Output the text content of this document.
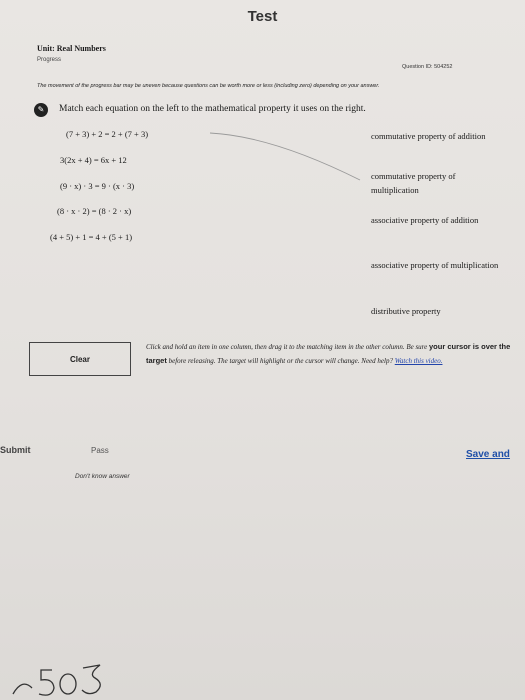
Test
Unit: Real Numbers
Progress
Question ID: 504252
The movement of the progress bar may be uneven because questions can be worth more or less (including zero) depending on your answer.
✎	Match each equation on the left to the mathematical property it uses on the right.
(7 + 3) + 2 = 2 + (7 + 3)
3(2x + 4) = 6x + 12
(9 · x) · 3 = 9 · (x · 3)
(8 · x · 2) = (8 · 2 · x)
(4 + 5) + 1 = 4 + (5 + 1)
commutative property of addition
commutative property of multiplication
associative property of addition
associative property of multiplication
distributive property
Clear
Click and hold an item in one column, then drag it to the matching item in the other column. Be sure your cursor is over the target before releasing. The target will highlight or the cursor will change. Need help? Watch this video.
Submit	Pass	Save and
Don't know answer
